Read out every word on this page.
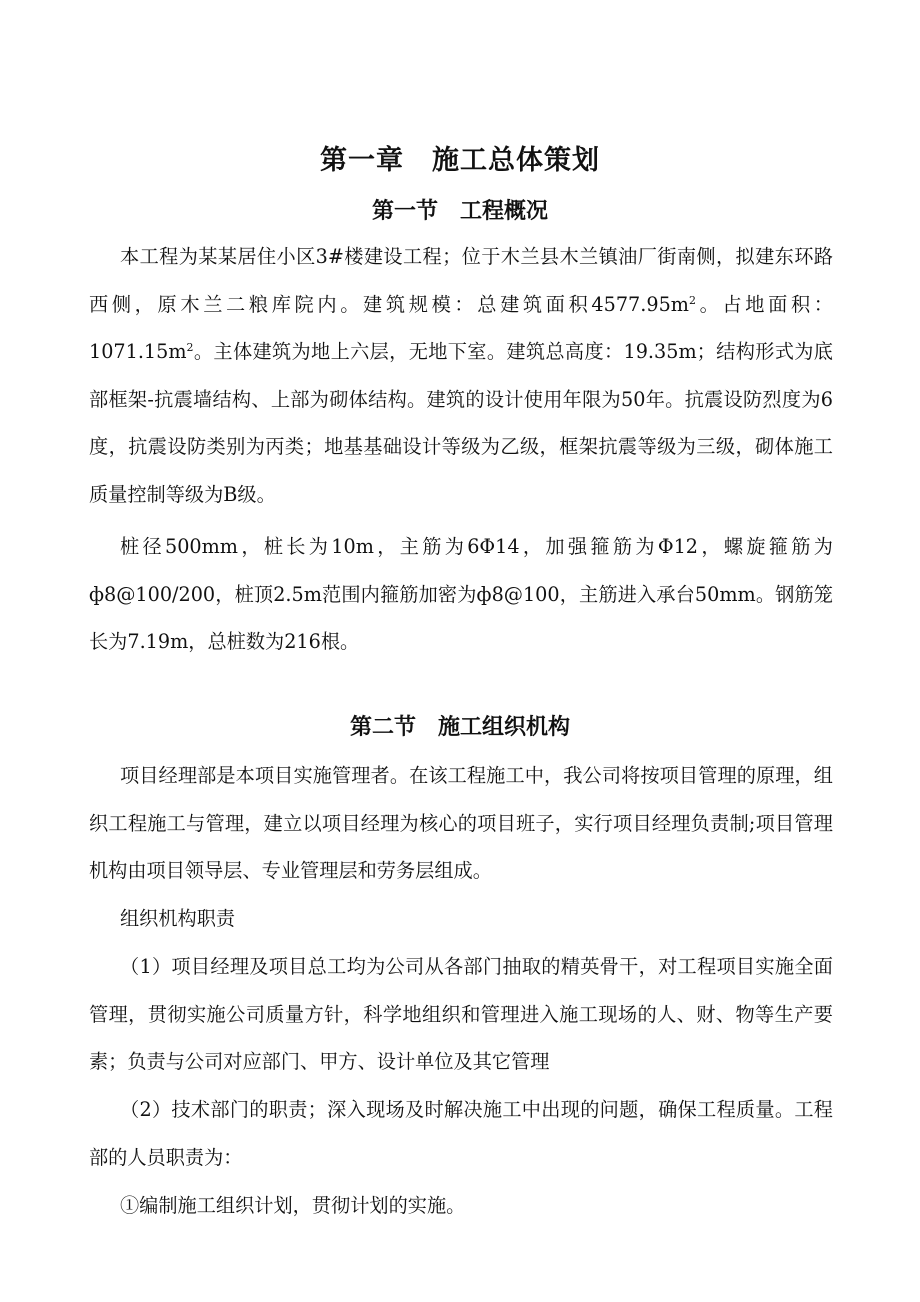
第一章　施工总体策划
第一节　工程概况

本工程为某某居住小区3#楼建设工程；位于木兰县木兰镇油厂街南侧，拟建东环路西侧，原木兰二粮库院内。建筑规模：总建筑面积$4577.95m^2$。占地面积：$1071.15m^2$。主体建筑为地上六层，无地下室。建筑总高度：19.35m；结构形式为底部框架-抗震墙结构、上部为砌体结构。建筑的设计使用年限为50年。抗震设防烈度为6度，抗震设防类别为丙类；地基基础设计等级为乙级，框架抗震等级为三级，砌体施工质量控制等级为B级。

桩径500mm，桩长为10m，主筋为6Φ14，加强箍筋为Φ12，螺旋箍筋为ф8@100/200，桩顶2.5m范围内箍筋加密为ф8@100，主筋进入承台50mm。钢筋笼长为7.19m，总桩数为216根。

第二节　施工组织机构

项目经理部是本项目实施管理者。在该工程施工中，我公司将按项目管理的原理，组织工程施工与管理，建立以项目经理为核心的项目班子，实行项目经理负责制;项目管理机构由项目领导层、专业管理层和劳务层组成。

组织机构职责

（1）项目经理及项目总工均为公司从各部门抽取的精英骨干，对工程项目实施全面管理，贯彻实施公司质量方针，科学地组织和管理进入施工现场的人、财、物等生产要素；负责与公司对应部门、甲方、设计单位及其它管理

（2）技术部门的职责；深入现场及时解决施工中出现的问题，确保工程质量。工程部的人员职责为：

①编制施工组织计划，贯彻计划的实施。
